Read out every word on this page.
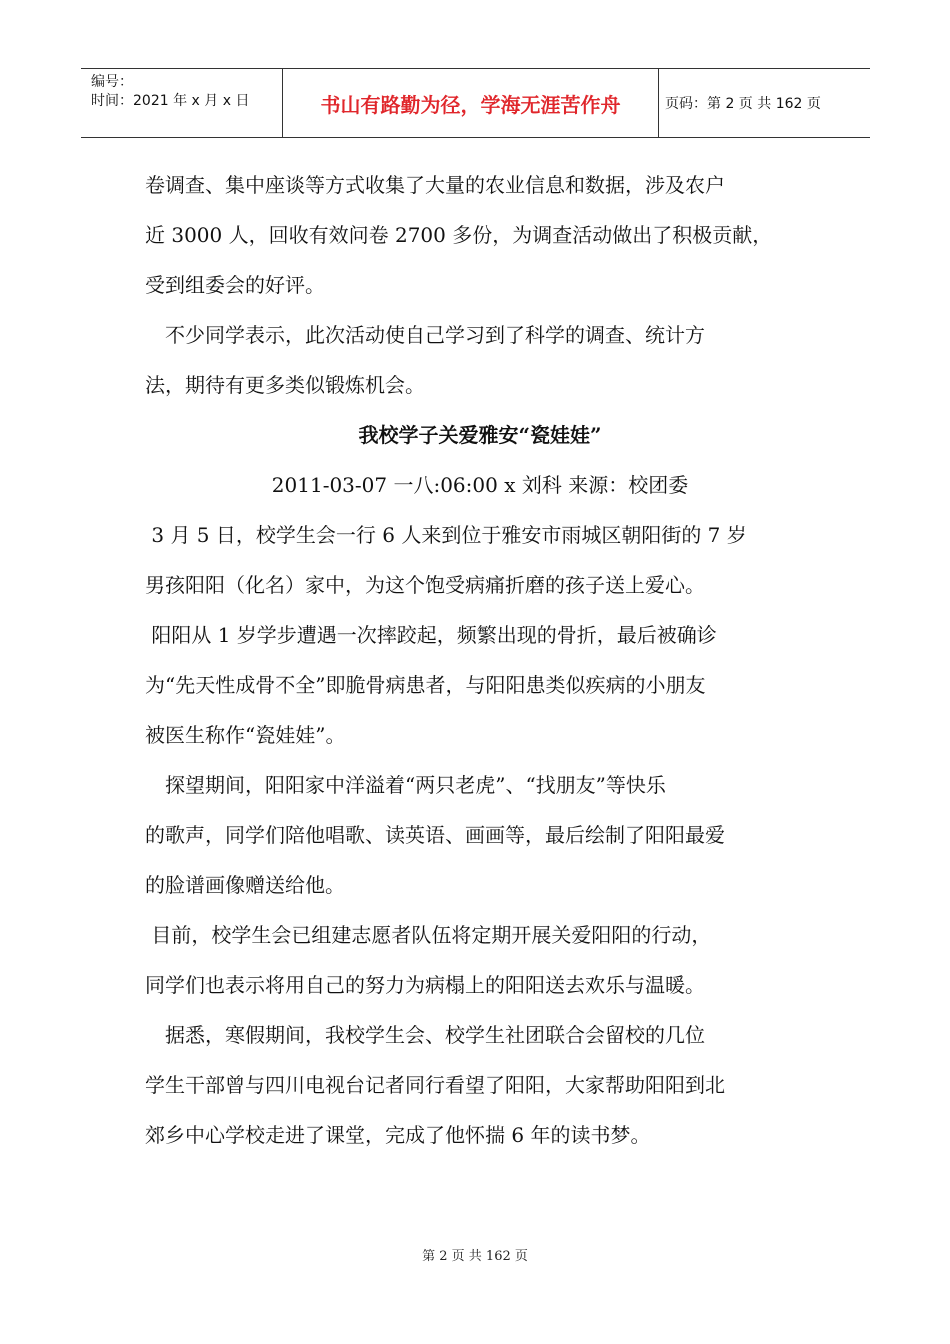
编号：
时间：2021 年 x 月 x 日	书山有路勤为径，学海无涯苦作舟	页码：第 2 页 共 162 页

卷调查、集中座谈等方式收集了大量的农业信息和数据，涉及农户

近 3000 人，回收有效问卷 2700 多份，为调查活动做出了积极贡献，

受到组委会的好评。

　不少同学表示，此次活动使自己学习到了科学的调查、统计方

法，期待有更多类似锻炼机会。

我校学子关爱雅安“瓷娃娃”

2011-03-07 一八:06:00 x 刘科 来源：校团委

3 月 5 日，校学生会一行 6 人来到位于雅安市雨城区朝阳街的 7 岁

男孩阳阳（化名）家中，为这个饱受病痛折磨的孩子送上爱心。

阳阳从 1 岁学步遭遇一次摔跤起，频繁出现的骨折，最后被确诊

为“先天性成骨不全”即脆骨病患者，与阳阳患类似疾病的小朋友

被医生称作“瓷娃娃”。

　探望期间，阳阳家中洋溢着“两只老虎”、“找朋友”等快乐

的歌声，同学们陪他唱歌、读英语、画画等，最后绘制了阳阳最爱

的脸谱画像赠送给他。

目前，校学生会已组建志愿者队伍将定期开展关爱阳阳的行动，

同学们也表示将用自己的努力为病榻上的阳阳送去欢乐与温暖。

　据悉，寒假期间，我校学生会、校学生社团联合会留校的几位

学生干部曾与四川电视台记者同行看望了阳阳，大家帮助阳阳到北

郊乡中心学校走进了课堂，完成了他怀揣 6 年的读书梦。

第 2 页 共 162 页
